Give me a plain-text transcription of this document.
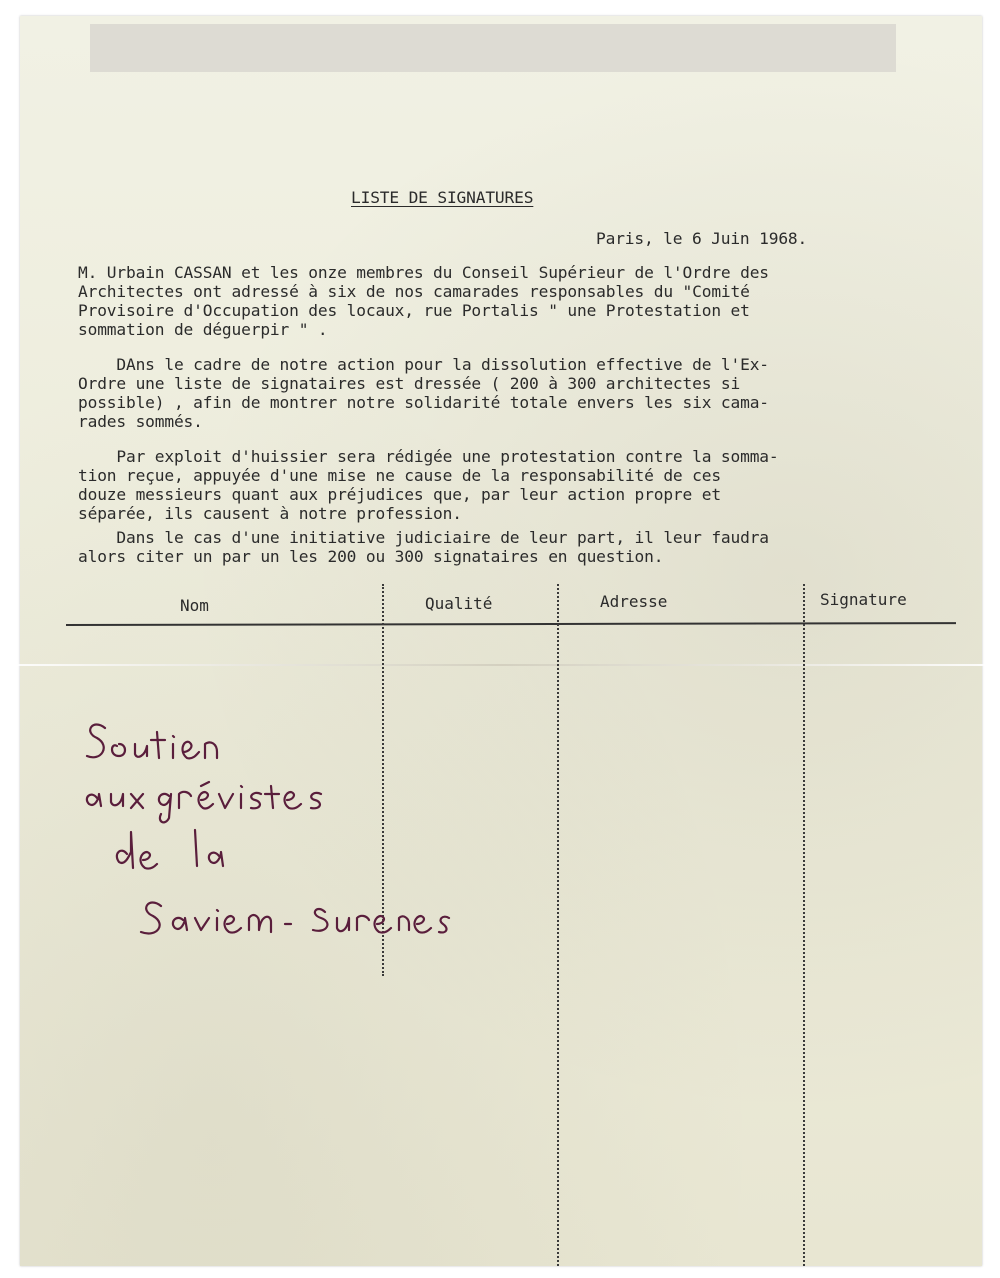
LISTE DE SIGNATURES
Paris, le 6 Juin 1968.
M. Urbain CASSAN et les onze membres du Conseil Supérieur de l'Ordre des
Architectes ont adressé à six de nos camarades responsables du "Comité
Provisoire d'Occupation des locaux, rue Portalis " une Protestation et
sommation de déguerpir " .
DAns le cadre de notre action pour la dissolution effective de l'Ex-
Ordre une liste de signataires est dressée ( 200 à 300 architectes si
possible) , afin de montrer notre solidarité totale envers les six cama-
rades sommés.
Par exploit d'huissier sera rédigée une protestation contre la somma-
tion reçue, appuyée d'une mise ne cause de la responsabilité de ces
douze messieurs quant aux préjudices que, par leur action propre et
séparée, ils causent à notre profession.
Dans le cas d'une initiative judiciaire de leur part, il leur faudra
alors citer un par un les 200 ou 300 signataires en question.
Nom	Qualité	Adresse	Signature
